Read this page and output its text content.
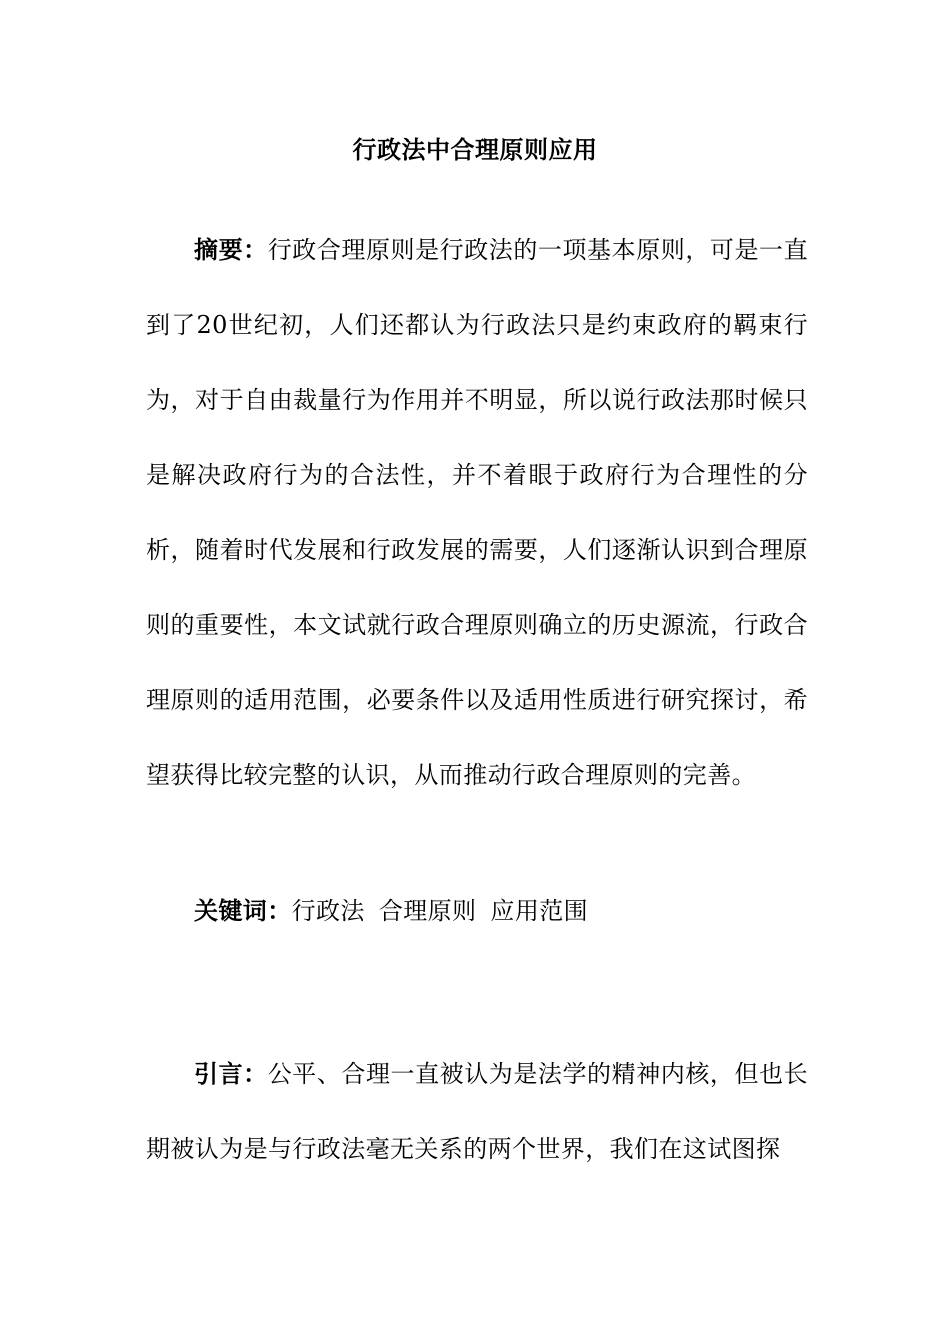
行政法中合理原则应用
摘要：行政合理原则是行政法的一项基本原则，可是一直到了20世纪初，人们还都认为行政法只是约束政府的羁束行为，对于自由裁量行为作用并不明显，所以说行政法那时候只是解决政府行为的合法性，并不着眼于政府行为合理性的分析，随着时代发展和行政发展的需要，人们逐渐认识到合理原则的重要性，本文试就行政合理原则确立的历史源流，行政合理原则的适用范围，必要条件以及适用性质进行研究探讨，希望获得比较完整的认识，从而推动行政合理原则的完善。
关键词：行政法 合理原则 应用范围
引言：公平、合理一直被认为是法学的精神内核，但也长期被认为是与行政法毫无关系的两个世界，我们在这试图探
